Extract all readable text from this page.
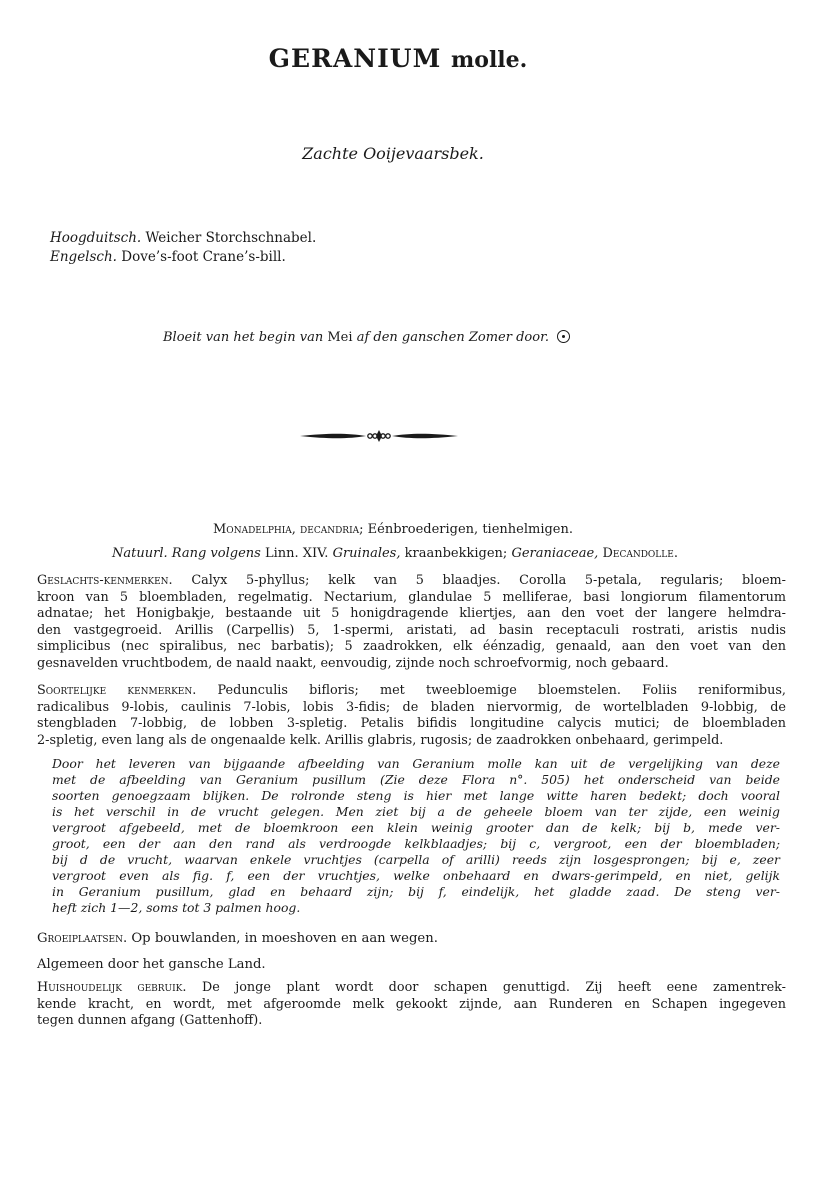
GERANIUM molle.
Zachte Ooijevaarsbek.
Hoogduitsch. Weicher Storchschnabel.
Engelsch. Dove’s-foot Crane’s-bill.
Bloeit van het begin van Mei af den ganschen Zomer door.
Monadelphia, decandria; Eénbroederigen, tienhelmigen.
Natuurl. Rang volgens Linn. XIV. Gruinales, kraanbekkigen; Geraniaceae, Decandolle.
Geslachts-kenmerken. Calyx 5-phyllus; kelk van 5 blaadjes. Corolla 5-petala, regularis; bloem-
kroon van 5 bloembladen, regelmatig. Nectarium, glandulae 5 melliferae, basi longiorum filamentorum
adnatae; het Honigbakje, bestaande uit 5 honigdragende kliertjes, aan den voet der langere helmdra-
den vastgegroeid. Arillis (Carpellis) 5, 1-spermi, aristati, ad basin receptaculi rostrati, aristis nudis
simplicibus (nec spiralibus, nec barbatis); 5 zaadrokken, elk éénzadig, genaald, aan den voet van den
gesnavelden vruchtbodem, de naald naakt, eenvoudig, zijnde noch schroefvormig, noch gebaard.
Soortelijke kenmerken. Pedunculis bifloris; met tweebloemige bloemstelen. Foliis reniformibus,
radicalibus 9-lobis, caulinis 7-lobis, lobis 3-fidis; de bladen niervormig, de wortelbladen 9-lobbig, de
stengbladen 7-lobbig, de lobben 3-spletig. Petalis bifidis longitudine calycis mutici; de bloembladen
2-spletig, even lang als de ongenaalde kelk. Arillis glabris, rugosis; de zaadrokken onbehaard, gerimpeld.
Door het leveren van bijgaande afbeelding van Geranium molle kan uit de vergelijking van deze
met de afbeelding van Geranium pusillum (Zie deze Flora n°. 505) het onderscheid van beide
soorten genoegzaam blijken. De rolronde steng is hier met lange witte haren bedekt; doch vooral
is het verschil in de vrucht gelegen. Men ziet bij a de geheele bloem van ter zijde, een weinig
vergroot afgebeeld, met de bloemkroon een klein weinig grooter dan de kelk; bij b, mede ver-
groot, een der aan den rand als verdroogde kelkblaadjes; bij c, vergroot, een der bloembladen;
bij d de vrucht, waarvan enkele vruchtjes (carpella of arilli) reeds zijn losgesprongen; bij e, zeer
vergroot even als fig. f, een der vruchtjes, welke onbehaard en dwars-gerimpeld, en niet, gelijk
in Geranium pusillum, glad en behaard zijn; bij f, eindelijk, het gladde zaad. De steng ver-
heft zich 1—2, soms tot 3 palmen hoog.
Groeiplaatsen. Op bouwlanden, in moeshoven en aan wegen.
Algemeen door het gansche Land.
Huishoudelijk gebruik. De jonge plant wordt door schapen genuttigd. Zij heeft eene zamentrek-
kende kracht, en wordt, met afgeroomde melk gekookt zijnde, aan Runderen en Schapen ingegeven
tegen dunnen afgang (Gattenhoff).
